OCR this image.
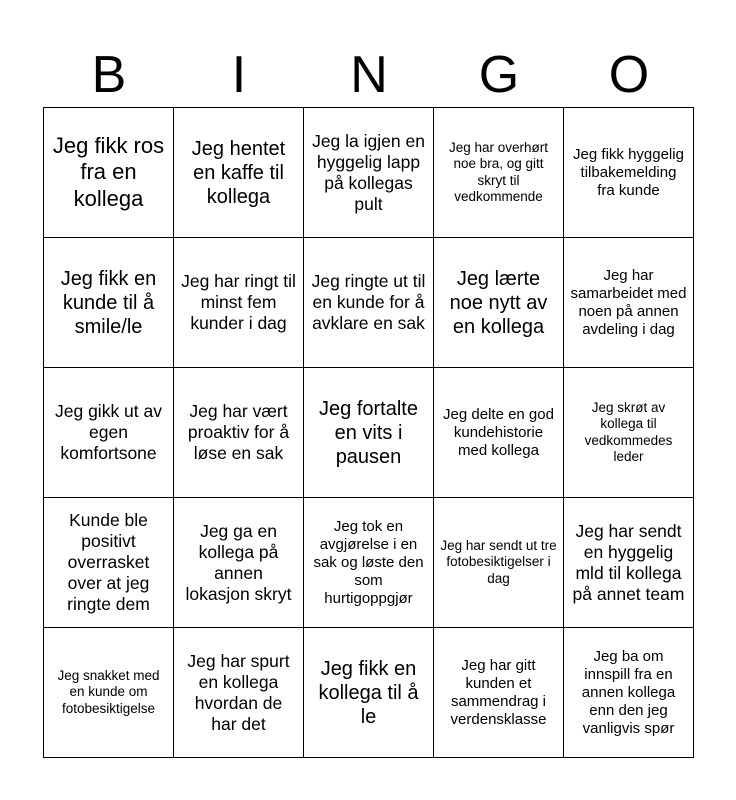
B	I	N	G	O
Jeg fikk ros fra en kollega	Jeg hentet en kaffe til kollega	Jeg la igjen en hyggelig lapp på kollegas pult	Jeg har overhørt noe bra, og gitt skryt til vedkommende	Jeg fikk hyggelig tilbakemelding fra kunde
Jeg fikk en kunde til å smile/le	Jeg har ringt til minst fem kunder i dag	Jeg ringte ut til en kunde for å avklare en sak	Jeg lærte noe nytt av en kollega	Jeg har samarbeidet med noen på annen avdeling i dag
Jeg gikk ut av egen komfortsone	Jeg har vært proaktiv for å løse en sak	Jeg fortalte en vits i pausen	Jeg delte en god kundehistorie med kollega	Jeg skrøt av kollega til vedkommedes leder
Kunde ble positivt overrasket over at jeg ringte dem	Jeg ga en kollega på annen lokasjon skryt	Jeg tok en avgjørelse i en sak og løste den som hurtigoppgjør	Jeg har sendt ut tre fotobesiktigelser i dag	Jeg har sendt en hyggelig mld til kollega på annet team
Jeg snakket med en kunde om fotobesiktigelse	Jeg har spurt en kollega hvordan de har det	Jeg fikk en kollega til å le	Jeg har gitt kunden et sammendrag i verdensklasse	Jeg ba om innspill fra en annen kollega enn den jeg vanligvis spør
